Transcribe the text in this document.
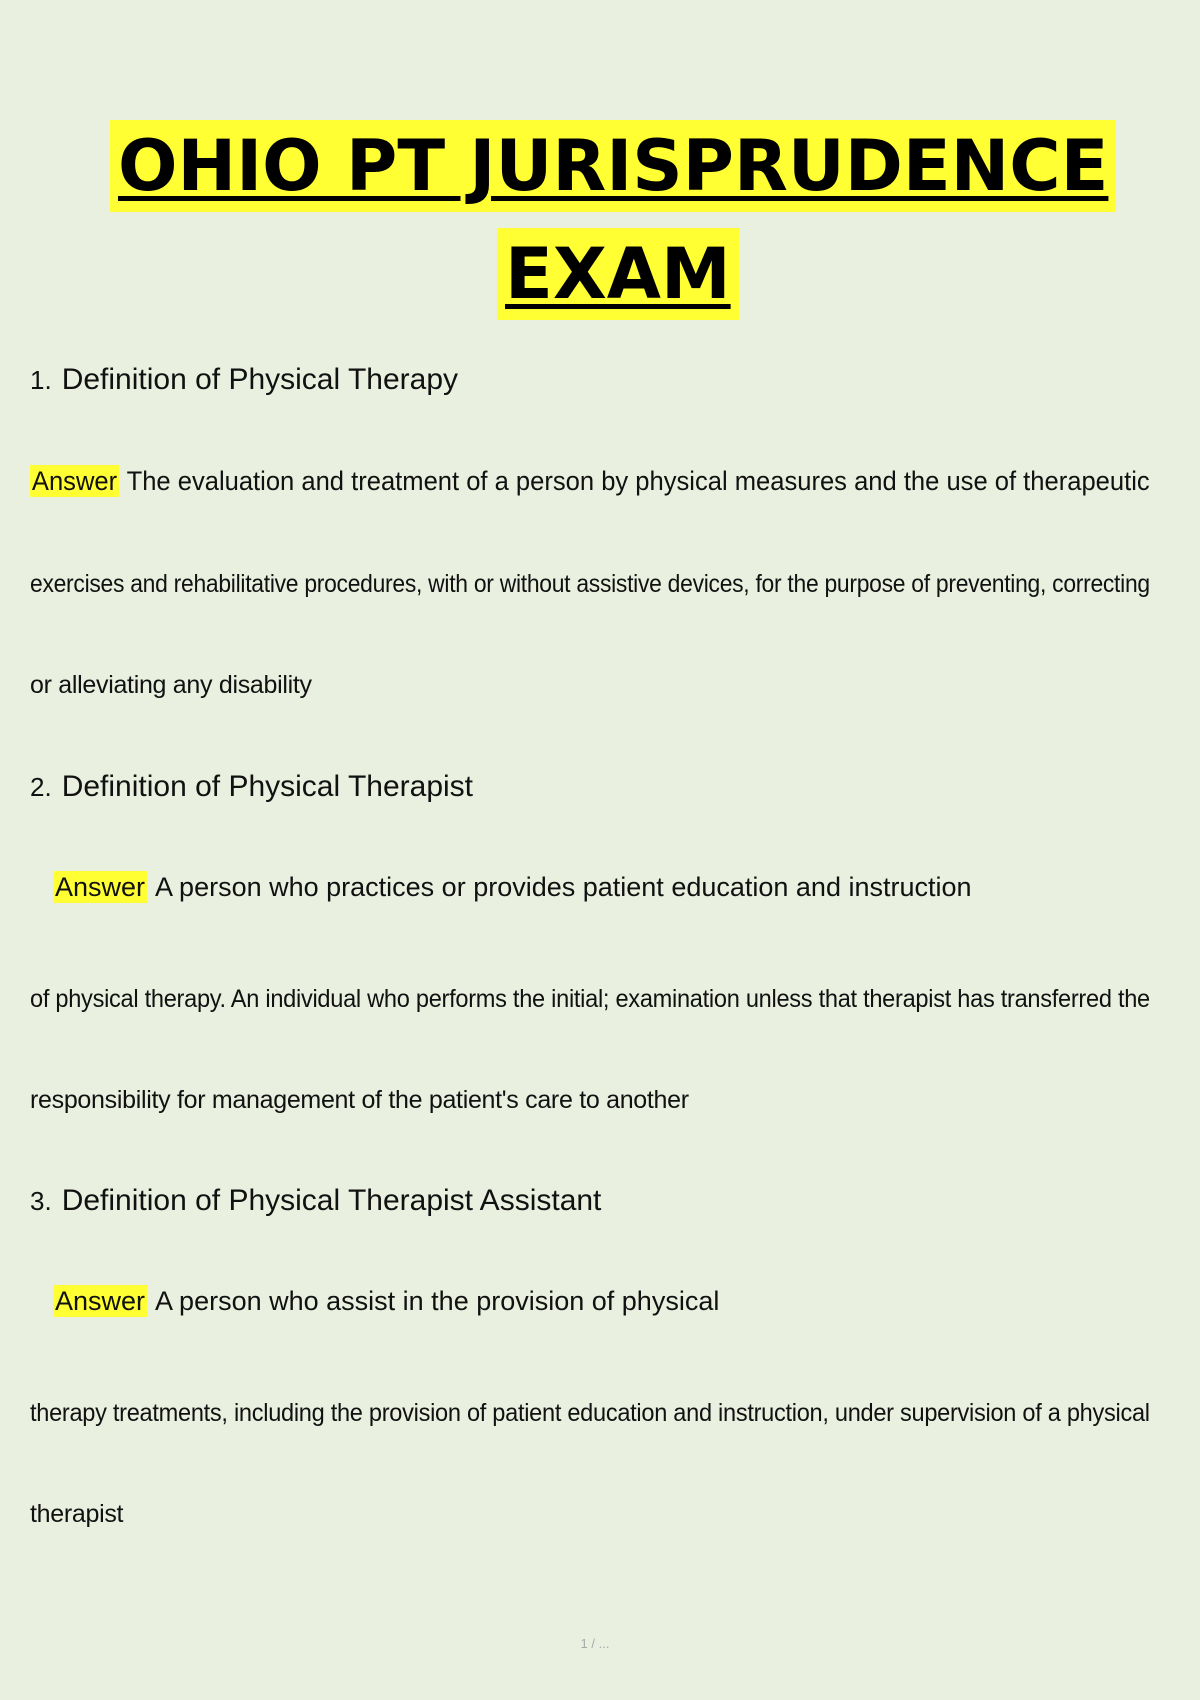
OHIO PT JURISPRUDENCE
EXAM
1. Definition of Physical Therapy
Answer The evaluation and treatment of a person by physical measures and the use of therapeutic
exercises and rehabilitative procedures, with or without assistive devices, for the purpose of preventing, correcting
or alleviating any disability
2. Definition of Physical Therapist
Answer A person who practices or provides patient education and instruction
of physical therapy. An individual who performs the initial; examination unless that therapist has transferred the
responsibility for management of the patient's care to another
3. Definition of Physical Therapist Assistant
Answer A person who assist in the provision of physical
therapy treatments, including the provision of patient education and instruction, under supervision of a physical
therapist
1 / ...
